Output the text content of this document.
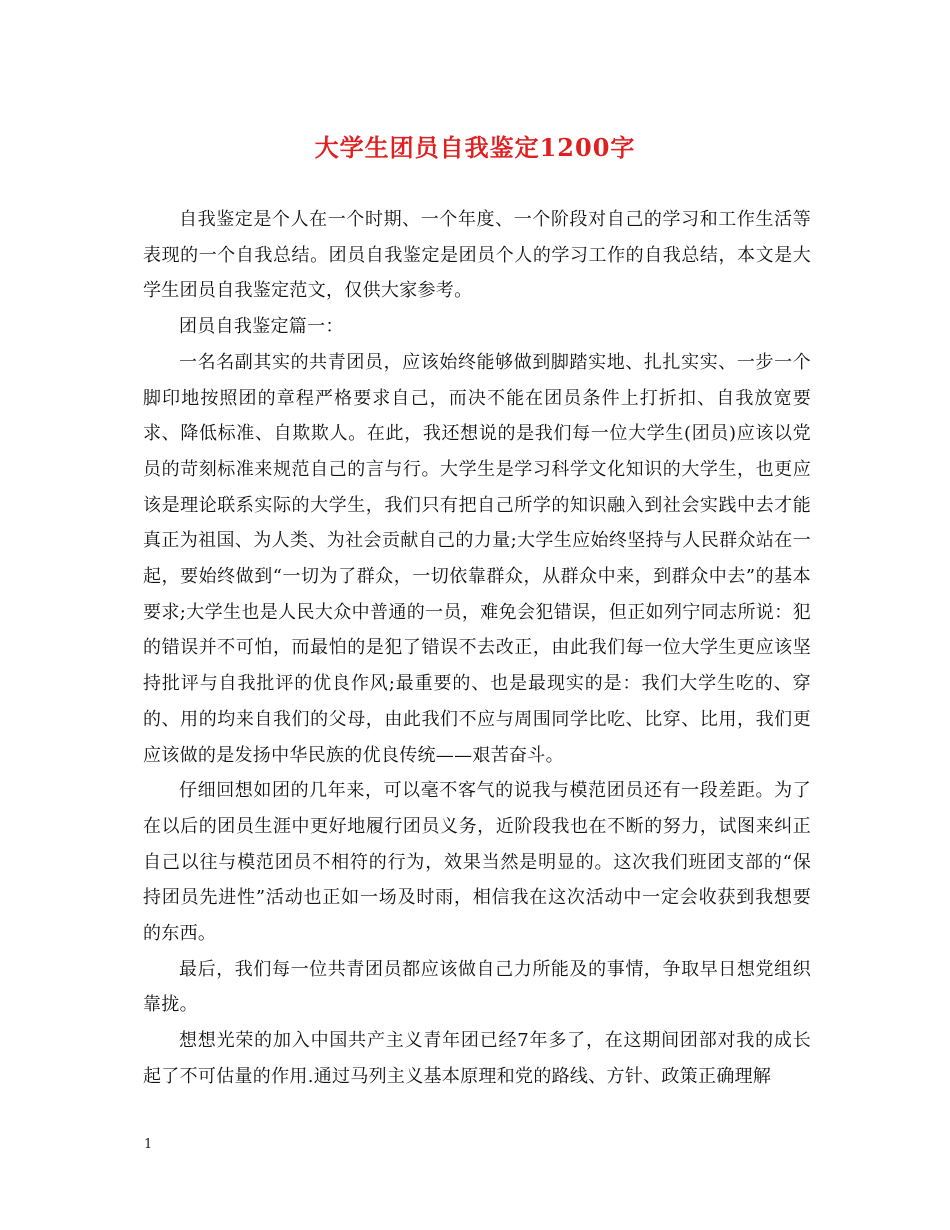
大学生团员自我鉴定1200字

自我鉴定是个人在一个时期、一个年度、一个阶段对自己的学习和工作生活等表现的一个自我总结。团员自我鉴定是团员个人的学习工作的自我总结，本文是大学生团员自我鉴定范文，仅供大家参考。

团员自我鉴定篇一：

一名名副其实的共青团员，应该始终能够做到脚踏实地、扎扎实实、一步一个脚印地按照团的章程严格要求自己，而决不能在团员条件上打折扣、自我放宽要求、降低标准、自欺欺人。在此，我还想说的是我们每一位大学生(团员)应该以党员的苛刻标准来规范自己的言与行。大学生是学习科学文化知识的大学生，也更应该是理论联系实际的大学生，我们只有把自己所学的知识融入到社会实践中去才能真正为祖国、为人类、为社会贡献自己的力量;大学生应始终坚持与人民群众站在一起，要始终做到“一切为了群众，一切依靠群众，从群众中来，到群众中去”的基本要求;大学生也是人民大众中普通的一员，难免会犯错误，但正如列宁同志所说：犯的错误并不可怕，而最怕的是犯了错误不去改正，由此我们每一位大学生更应该坚持批评与自我批评的优良作风;最重要的、也是最现实的是：我们大学生吃的、穿的、用的均来自我们的父母，由此我们不应与周围同学比吃、比穿、比用，我们更应该做的是发扬中华民族的优良传统——艰苦奋斗。

仔细回想如团的几年来，可以毫不客气的说我与模范团员还有一段差距。为了在以后的团员生涯中更好地履行团员义务，近阶段我也在不断的努力，试图来纠正自己以往与模范团员不相符的行为，效果当然是明显的。这次我们班团支部的“保持团员先进性”活动也正如一场及时雨，相信我在这次活动中一定会收获到我想要的东西。

最后，我们每一位共青团员都应该做自己力所能及的事情，争取早日想党组织靠拢。

想想光荣的加入中国共产主义青年团已经7年多了，在这期间团部对我的成长起了不可估量的作用.通过马列主义基本原理和党的路线、方针、政策正确理解

1
